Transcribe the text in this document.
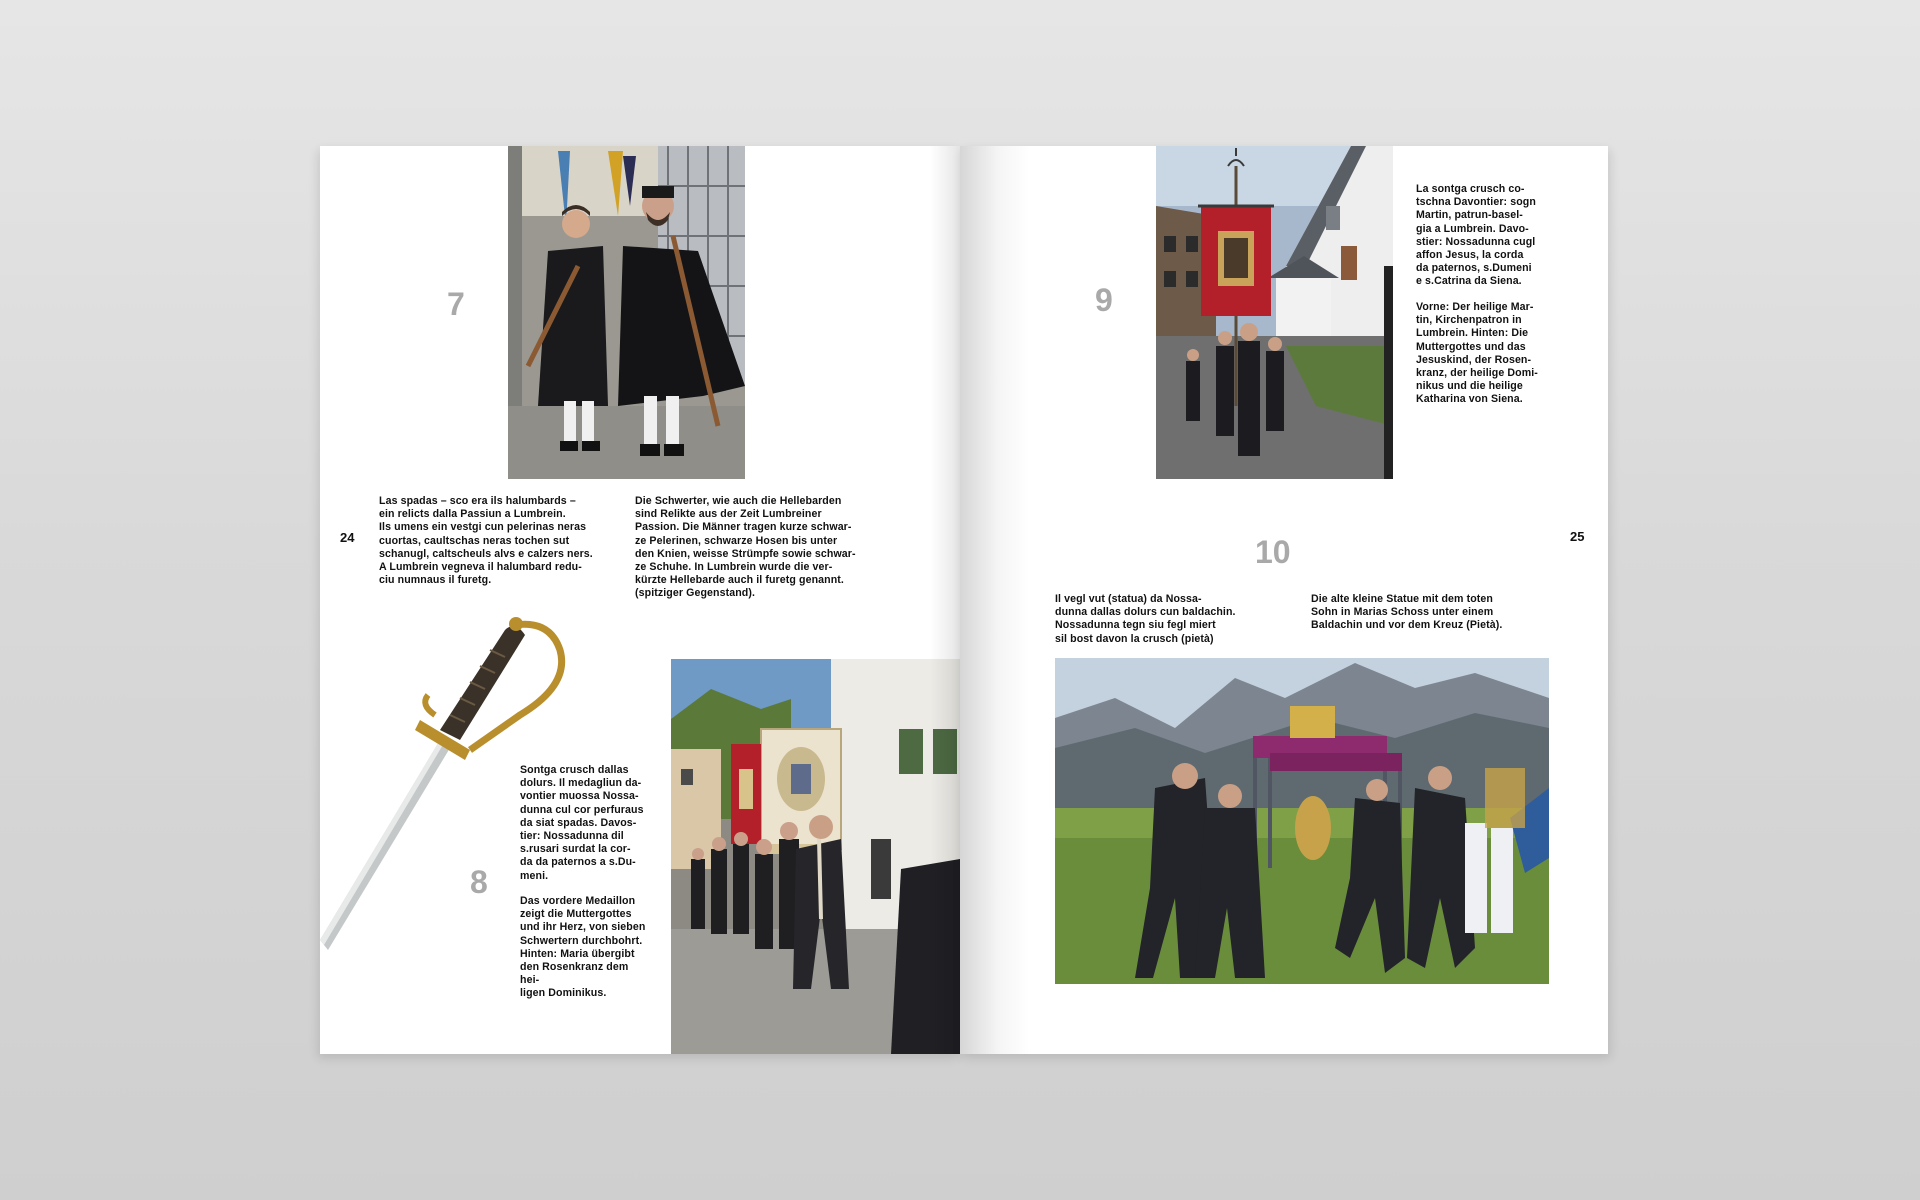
7
Las spadas – sco era ils halumbards –
ein relicts dalla Passiun a Lumbrein.
Ils umens ein vestgi cun pelerinas neras
cuortas, caultschas neras tochen sut
schanugl, caltscheuls alvs e calzers ners.
A Lumbrein vegneva il halumbard redu-
ciu numnaus il furetg.
Die Schwerter, wie auch die Hellebarden
sind Relikte aus der Zeit Lumbreiner
Passion. Die Männer tragen kurze schwar-
ze Pelerinen, schwarze Hosen bis unter
den Knien, weisse Strümpfe sowie schwar-
ze Schuhe. In Lumbrein wurde die ver-
kürzte Hellebarde auch il furetg genannt.
(spitziger Gegenstand).
8
Sontga crusch dallas
dolurs. Il medagliun da-
vontier muossa Nossa-
dunna cul cor perfuraus
da siat spadas. Davos-
tier: Nossadunna dil
s.rusari surdat la cor-
da da paternos a s.Du-
meni.
Das vordere Medaillon
zeigt die Muttergottes
und ihr Herz, von sieben
Schwertern durchbohrt.
Hinten: Maria übergibt
den Rosenkranz dem hei-
ligen Dominikus.
24
9
La sontga crusch co-
tschna Davontier: sogn
Martin, patrun-basel-
gia a Lumbrein. Davo-
stier: Nossadunna cugl
affon Jesus, la corda
da paternos, s.Dumeni
e s.Catrina da Siena.
Vorne: Der heilige Mar-
tin, Kirchenpatron in
Lumbrein. Hinten: Die
Muttergottes und das
Jesuskind, der Rosen-
kranz, der heilige Domi-
nikus und die heilige
Katharina von Siena.
10	25
Il vegl vut (statua) da Nossa-
dunna dallas dolurs cun baldachin.
Nossadunna tegn siu fegl miert
sil bost davon la crusch (pietà)
Die alte kleine Statue mit dem toten
Sohn in Marias Schoss unter einem
Baldachin und vor dem Kreuz (Pietà).
